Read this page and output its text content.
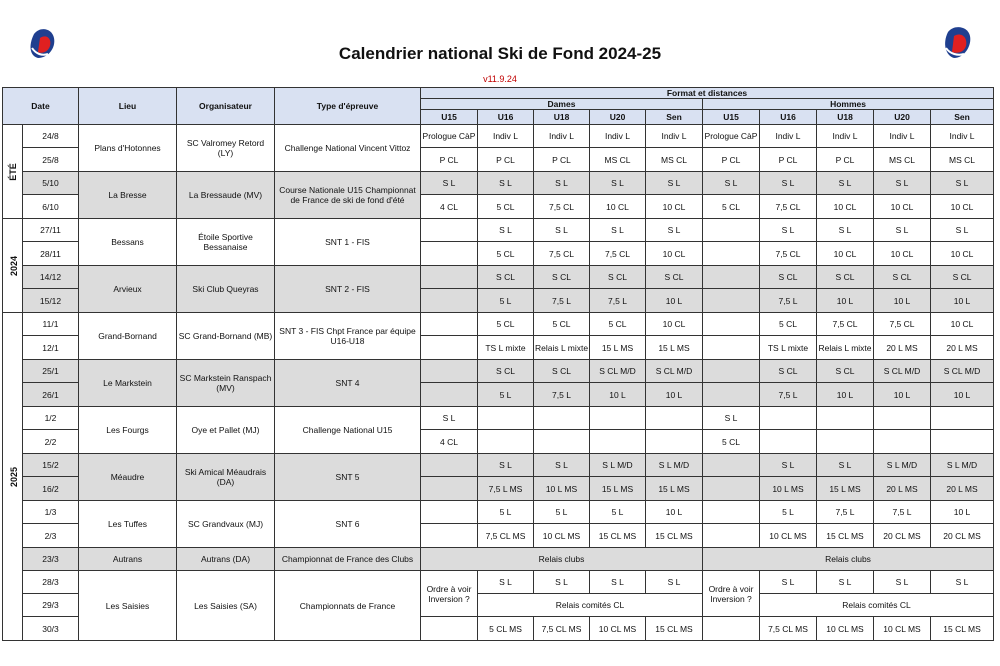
Calendrier national Ski de Fond 2024-25
v11.9.24
Date		Lieu	Organisateur	Type d'épreuve	Format et distances									
					Dames					Hommes				
					U15	U16	U18	U20	Sen	U15	U16	U18	U20	Sen
ÉTÉ	24/8	Plans d'Hotonnes	SC Valromey Retord (LY)	Challenge National Vincent Vittoz	Prologue CàP	Indiv L	Indiv L	Indiv L	Indiv L	Prologue CàP	Indiv L	Indiv L	Indiv L	Indiv L
	25/8				P CL	P CL	P CL	MS CL	MS CL	P CL	P CL	P CL	MS CL	MS CL
	5/10	La Bresse	La Bressaude (MV)	Course Nationale U15 Championnat de France de ski de fond d'été	S L	S L	S L	S L	S L	S L	S L	S L	S L	S L
	6/10				4 CL	5 CL	7,5 CL	10 CL	10 CL	5 CL	7,5 CL	10 CL	10 CL	10 CL
2024	27/11	Bessans	Étoile Sportive Bessanaise	SNT 1 - FIS		S L	S L	S L	S L		S L	S L	S L	S L
	28/11					5 CL	7,5 CL	7,5 CL	10 CL		7,5 CL	10 CL	10 CL	10 CL
	14/12	Arvieux	Ski Club Queyras	SNT 2 - FIS		S CL	S CL	S CL	S CL		S CL	S CL	S CL	S CL
	15/12					5 L	7,5 L	7,5 L	10 L		7,5 L	10 L	10 L	10 L
2025	11/1	Grand-Bornand	SC Grand-Bornand (MB)	SNT 3 - FIS Chpt France par équipe U16-U18		5 CL	5 CL	5 CL	10 CL		5 CL	7,5 CL	7,5 CL	10 CL
	12/1					TS L mixte	Relais L mixte	15 L MS	15 L MS		TS L mixte	Relais L mixte	20 L MS	20 L MS
	25/1	Le Markstein	SC Markstein Ranspach (MV)	SNT 4		S CL	S CL	S CL M/D	S CL M/D		S CL	S CL	S CL M/D	S CL M/D
	26/1					5 L	7,5 L	10 L	10 L		7,5 L	10 L	10 L	10 L
	1/2	Les Fourgs	Oye et Pallet (MJ)	Challenge National U15	S L					S L				
	2/2				4 CL					5 CL				
	15/2	Méaudre	Ski Amical Méaudrais (DA)	SNT 5		S L	S L	S L M/D	S L M/D		S L	S L	S L M/D	S L M/D
	16/2					7,5 L MS	10 L MS	15 L MS	15 L MS		10 L MS	15 L MS	20 L MS	20 L MS
	1/3	Les Tuffes	SC Grandvaux (MJ)	SNT 6		5 L	5 L	5 L	10 L		5 L	7,5 L	7,5 L	10 L
	2/3					7,5 CL MS	10 CL MS	15 CL MS	15 CL MS		10 CL MS	15 CL MS	20 CL MS	20 CL MS
	23/3	Autrans	Autrans (DA)	Championnat de France des Clubs	Relais clubs					Relais clubs				
	28/3	Les Saisies	Les Saisies (SA)	Championnats de France	Ordre à voir Inversion ?	S L	S L	S L	S L	Ordre à voir Inversion ?	S L	S L	S L	S L
	29/3					Relais comités CL					Relais comités CL			
	30/3					5 CL MS	7,5 CL MS	10 CL MS	15 CL MS		7,5 CL MS	10 CL MS	10 CL MS	15 CL MS
